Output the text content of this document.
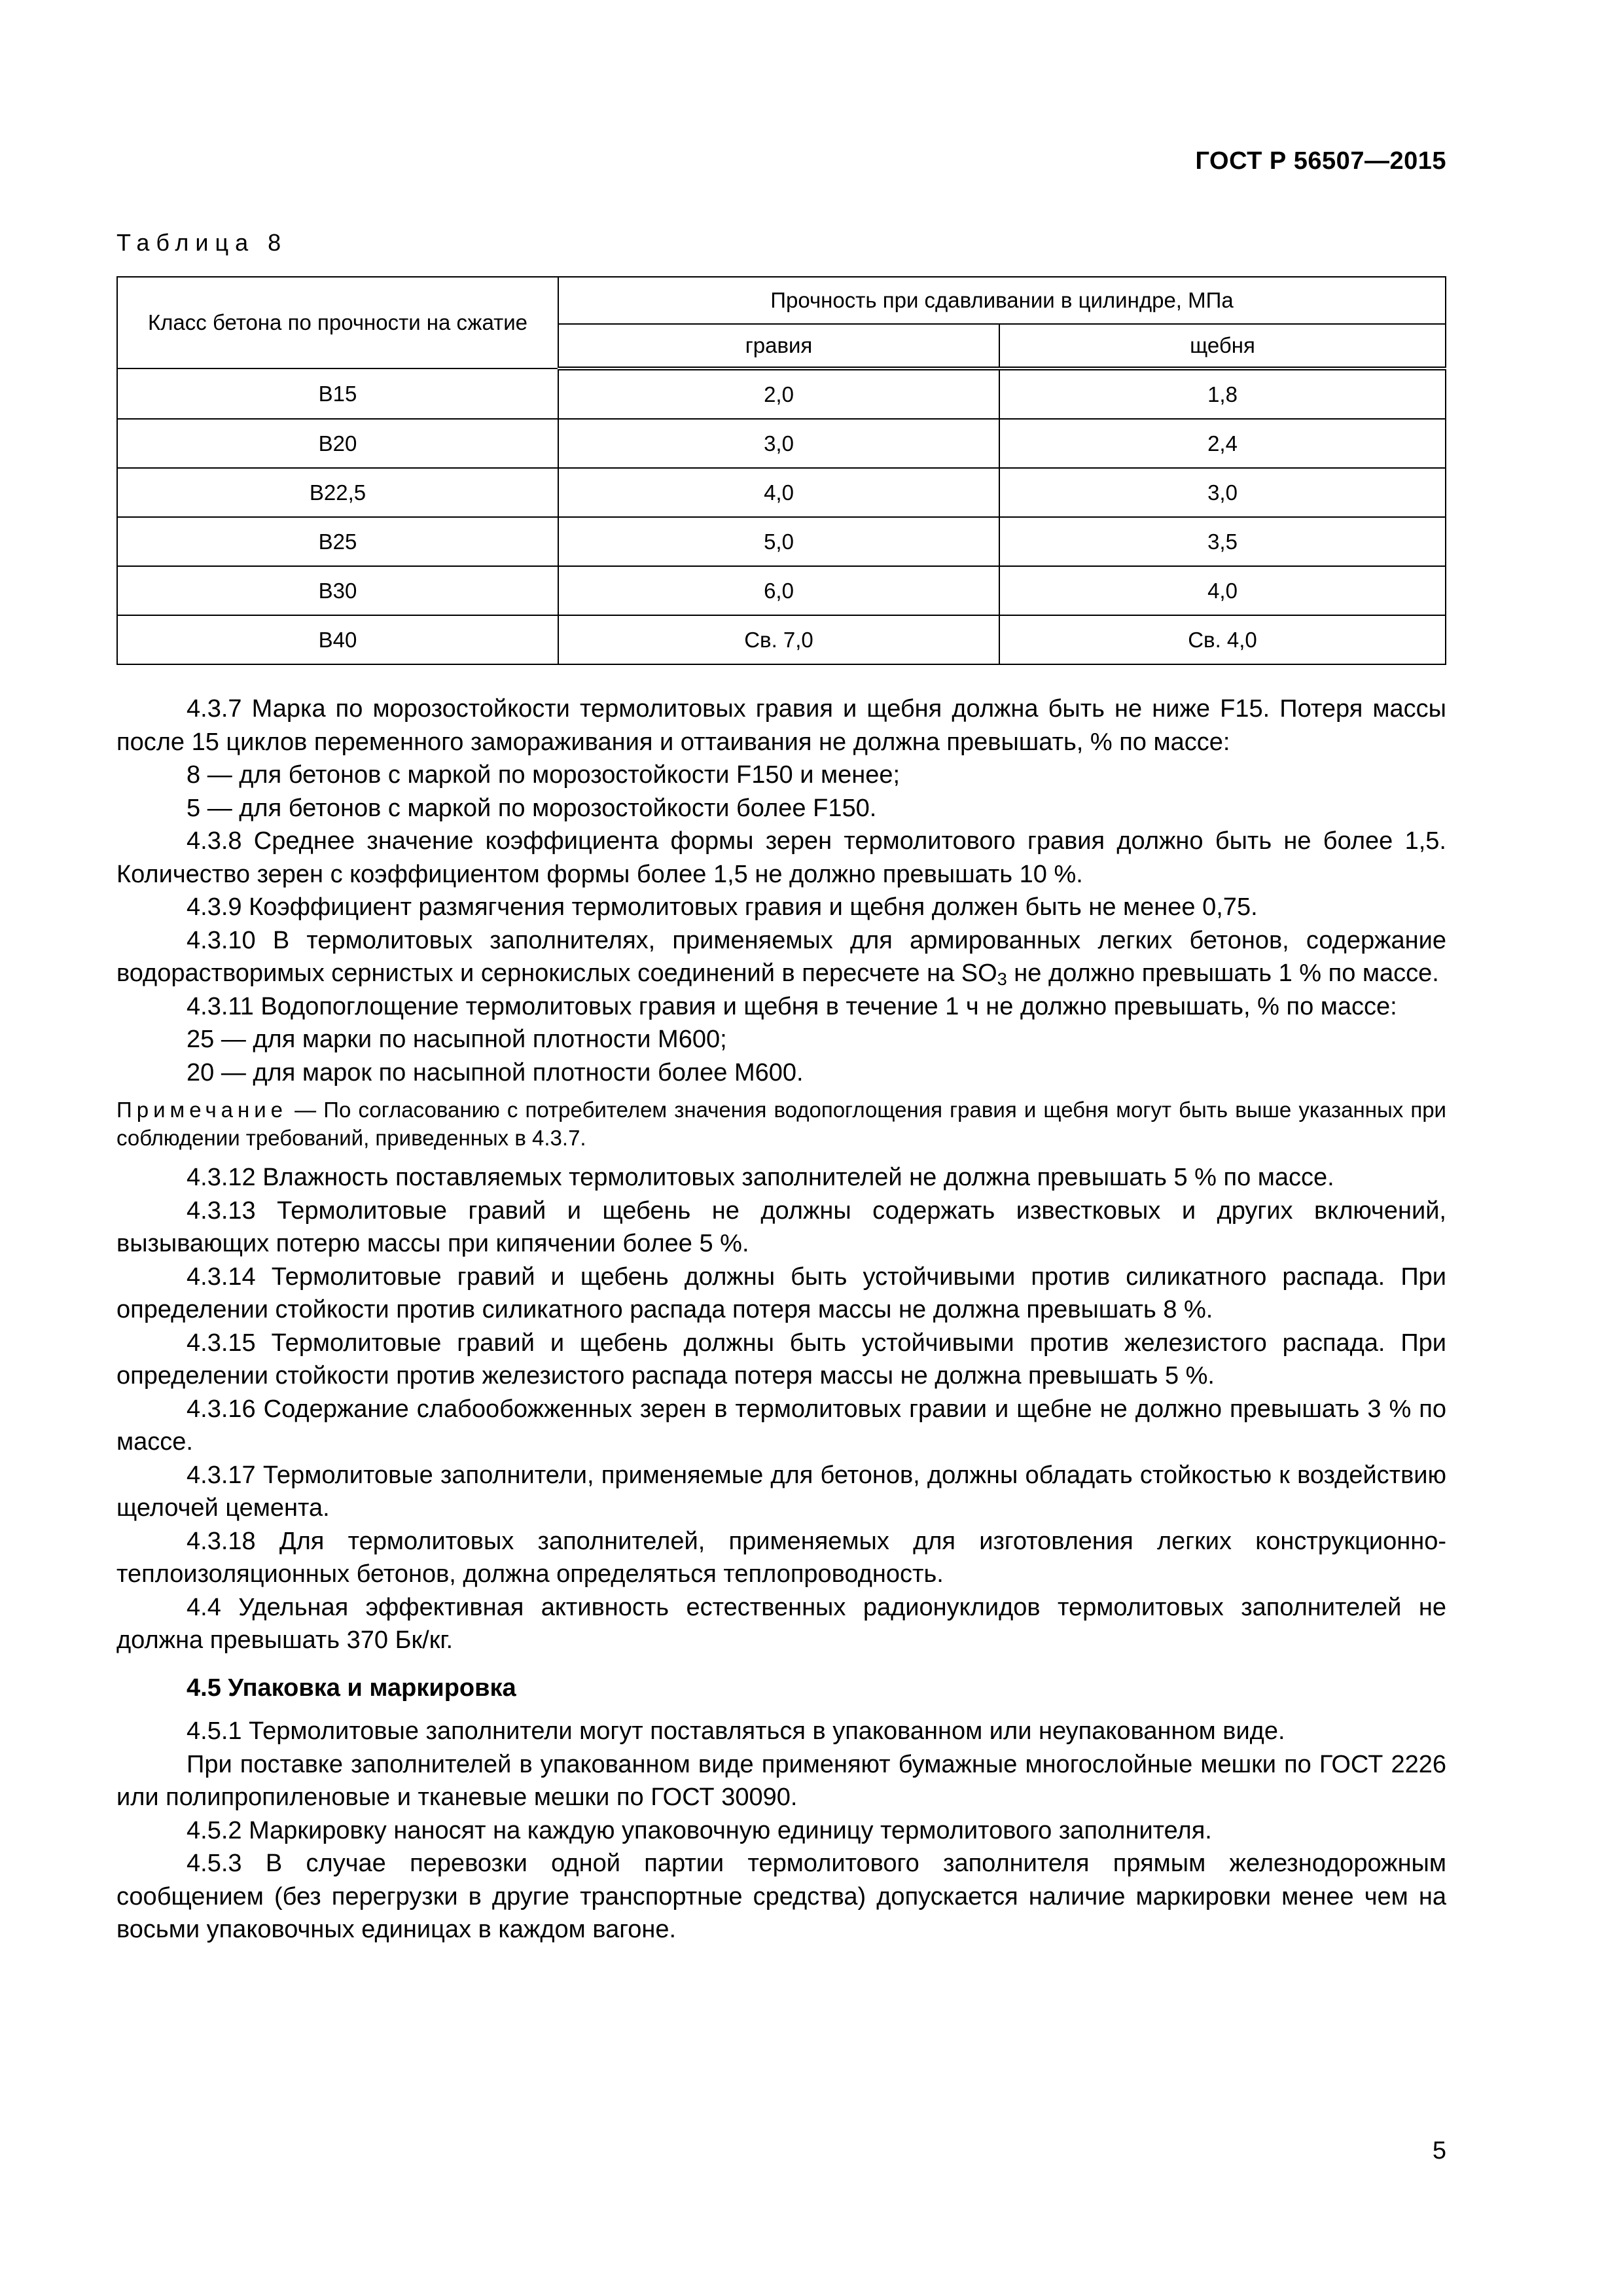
ГОСТ Р 56507—2015
Таблица 8
Класс бетона по прочности на сжатие	Прочность при сдавливании в цилиндре, МПа	
	гравия	щебня
В15	2,0	1,8
В20	3,0	2,4
В22,5	4,0	3,0
В25	5,0	3,5
В30	6,0	4,0
В40	Св. 7,0	Св. 4,0

4.3.7 Марка по морозостойкости термолитовых гравия и щебня должна быть не ниже F15. Потеря массы после 15 циклов переменного замораживания и оттаивания не должна превышать, % по массе:

8 — для бетонов с маркой по морозостойкости F150 и менее;

5 — для бетонов с маркой по морозостойкости более F150.

4.3.8 Среднее значение коэффициента формы зерен термолитового гравия должно быть не более 1,5. Количество зерен с коэффициентом формы более 1,5 не должно превышать 10 %.

4.3.9 Коэффициент размягчения термолитовых гравия и щебня должен быть не менее 0,75.

4.3.10 В термолитовых заполнителях, применяемых для армированных легких бетонов, содержание водорастворимых сернистых и сернокислых соединений в пересчете на $SO_3$ не должно превышать 1 % по массе.

4.3.11 Водопоглощение термолитовых гравия и щебня в течение 1 ч не должно превышать, % по массе:

25 — для марки по насыпной плотности М600;

20 — для марок по насыпной плотности более М600.

Примечание — По согласованию с потребителем значения водопоглощения гравия и щебня могут быть выше указанных при соблюдении требований, приведенных в 4.3.7.

4.3.12 Влажность поставляемых термолитовых заполнителей не должна превышать 5 % по массе.

4.3.13 Термолитовые гравий и щебень не должны содержать известковых и других включений, вызывающих потерю массы при кипячении более 5 %.

4.3.14 Термолитовые гравий и щебень должны быть устойчивыми против силикатного распада. При определении стойкости против силикатного распада потеря массы не должна превышать 8 %.

4.3.15 Термолитовые гравий и щебень должны быть устойчивыми против железистого распада. При определении стойкости против железистого распада потеря массы не должна превышать 5 %.

4.3.16 Содержание слабообожженных зерен в термолитовых гравии и щебне не должно превышать 3 % по массе.

4.3.17 Термолитовые заполнители, применяемые для бетонов, должны обладать стойкостью к воздействию щелочей цемента.

4.3.18 Для термолитовых заполнителей, применяемых для изготовления легких конструкционно-теплоизоляционных бетонов, должна определяться теплопроводность.

4.4 Удельная эффективная активность естественных радионуклидов термолитовых заполнителей не должна превышать 370 Бк/кг.

4.5 Упаковка и маркировка

4.5.1 Термолитовые заполнители могут поставляться в упакованном или неупакованном виде.

При поставке заполнителей в упакованном виде применяют бумажные многослойные мешки по ГОСТ 2226 или полипропиленовые и тканевые мешки по ГОСТ 30090.

4.5.2 Маркировку наносят на каждую упаковочную единицу термолитового заполнителя.

4.5.3 В случае перевозки одной партии термолитового заполнителя прямым железнодорожным сообщением (без перегрузки в другие транспортные средства) допускается наличие маркировки менее чем на восьми упаковочных единицах в каждом вагоне.

5
